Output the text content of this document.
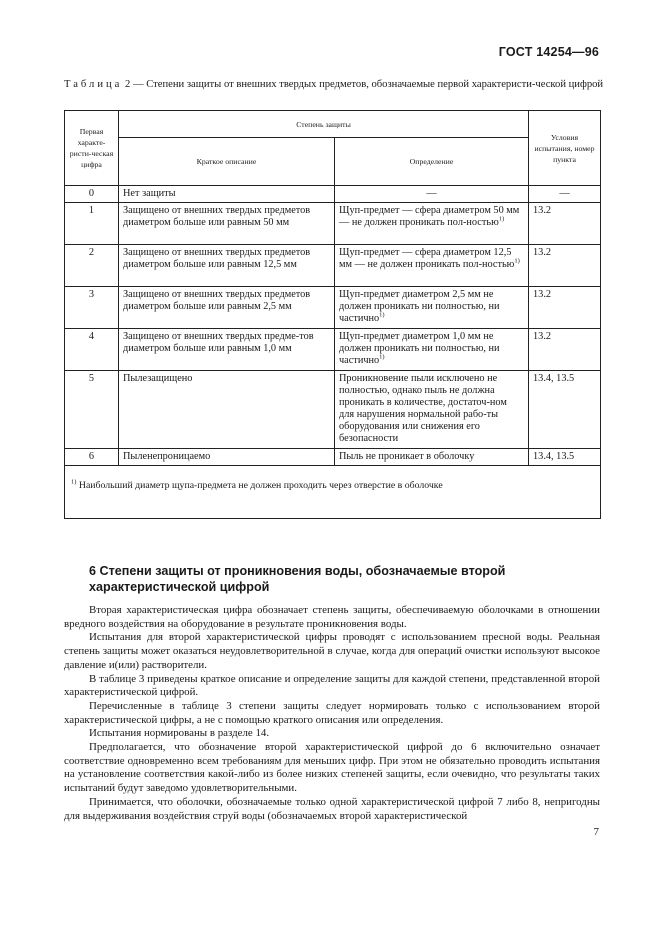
ГОСТ 14254—96
Таблица 2 — Степени защиты от внешних твердых предметов, обозначаемые первой характеристи-ческой цифрой
Первая характе-ристи-ческая цифра	Степень защиты		Условия испытания, номер пункта
	Краткое описание	Определение	
0	Нет защиты	—	—
1	Защищено от внешних твердых предметов диаметром больше или равным 50 мм	Щуп-предмет — сфера диаметром 50 мм — не должен проникать пол-ностью$^{1)}$	13.2
2	Защищено от внешних твердых предметов диаметром больше или равным 12,5 мм	Щуп-предмет — сфера диаметром 12,5 мм — не должен проникать пол-ностью$^{1)}$	13.2
3	Защищено от внешних твердых предметов диаметром больше или равным 2,5 мм	Щуп-предмет диаметром 2,5 мм не должен проникать ни полностью, ни частично$^{1)}$	13.2
4	Защищено от внешних твердых предме-тов диаметром больше или равным 1,0 мм	Щуп-предмет диаметром 1,0 мм не должен проникать ни полностью, ни частично$^{1)}$	13.2
5	Пылезащищено	Проникновение пыли исключено не полностью, однако пыль не должна проникать в количестве, достаточ-ном для нарушения нормальной рабо-ты оборудования или снижения его безопасности	13.4, 13.5
6	Пыленепроницаемо	Пыль не проникает в оболочку	13.4, 13.5
$^{1)}$ Наибольший диаметр щупа-предмета не должен проходить через отверстие в оболочке			
6 Степени защиты от проникновения воды, обозначаемые второй характеристической цифрой

Вторая характеристическая цифра обозначает степень защиты, обеспечиваемую оболочками в отношении вредного воздействия на оборудование в результате проникновения воды.

Испытания для второй характеристической цифры проводят с использованием пресной воды. Реальная степень защиты может оказаться неудовлетворительной в случае, когда для операций очистки используют высокое давление и(или) растворители.

В таблице 3 приведены краткое описание и определение защиты для каждой степени, представленной второй характеристической цифрой.

Перечисленные в таблице 3 степени защиты следует нормировать только с использованием второй характеристической цифры, а не с помощью краткого описания или определения.

Испытания нормированы в разделе 14.

Предполагается, что обозначение второй характеристической цифрой до 6 включительно означает соответствие одновременно всем требованиям для меньших цифр. При этом не обязательно проводить испытания на установление соответствия какой-либо из более низких степеней защиты, если очевидно, что результаты таких испытаний будут заведомо удовлетворительными.

Принимается, что оболочки, обозначаемые только одной характеристической цифрой 7 либо 8, непригодны для выдерживания воздействия струй воды (обозначаемых второй характеристической

7
